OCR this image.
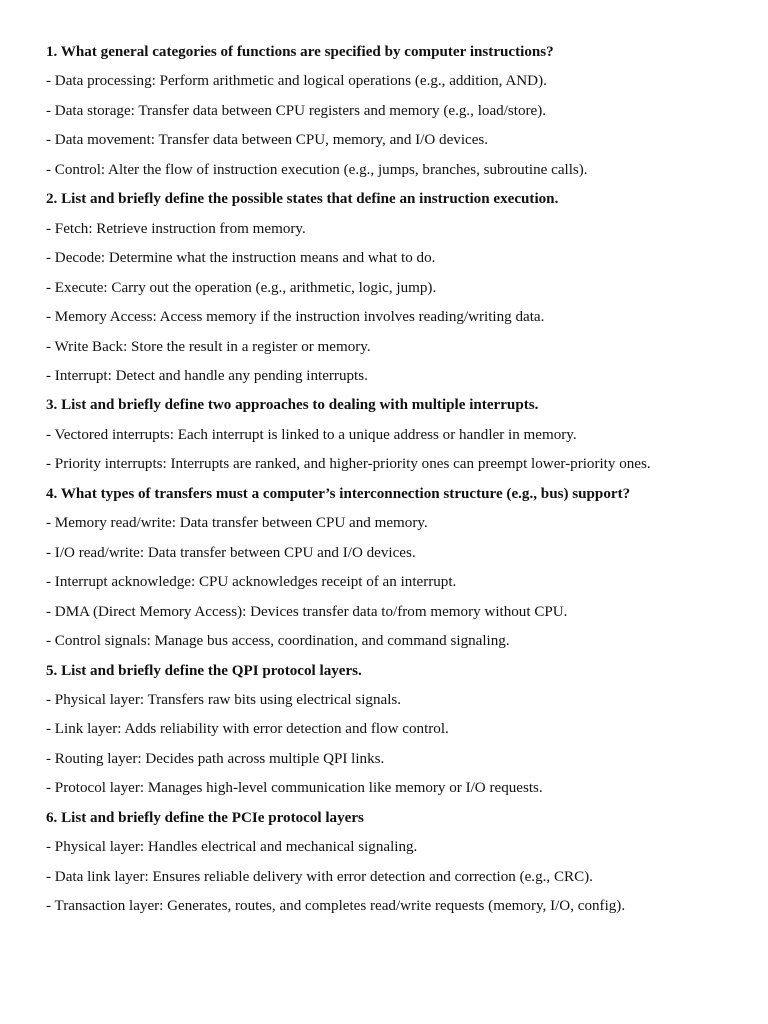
1. What general categories of functions are specified by computer instructions?
- Data processing: Perform arithmetic and logical operations (e.g., addition, AND).
- Data storage: Transfer data between CPU registers and memory (e.g., load/store).
- Data movement: Transfer data between CPU, memory, and I/O devices.
- Control: Alter the flow of instruction execution (e.g., jumps, branches, subroutine calls).
2. List and briefly define the possible states that define an instruction execution.
- Fetch: Retrieve instruction from memory.
- Decode: Determine what the instruction means and what to do.
- Execute: Carry out the operation (e.g., arithmetic, logic, jump).
- Memory Access: Access memory if the instruction involves reading/writing data.
- Write Back: Store the result in a register or memory.
- Interrupt: Detect and handle any pending interrupts.
3. List and briefly define two approaches to dealing with multiple interrupts.
- Vectored interrupts: Each interrupt is linked to a unique address or handler in memory.
- Priority interrupts: Interrupts are ranked, and higher-priority ones can preempt lower-priority ones.
4. What types of transfers must a computer’s interconnection structure (e.g., bus) support?
- Memory read/write: Data transfer between CPU and memory.
- I/O read/write: Data transfer between CPU and I/O devices.
- Interrupt acknowledge: CPU acknowledges receipt of an interrupt.
- DMA (Direct Memory Access): Devices transfer data to/from memory without CPU.
- Control signals: Manage bus access, coordination, and command signaling.
5. List and briefly define the QPI protocol layers.
- Physical layer: Transfers raw bits using electrical signals.
- Link layer: Adds reliability with error detection and flow control.
- Routing layer: Decides path across multiple QPI links.
- Protocol layer: Manages high-level communication like memory or I/O requests.
6. List and briefly define the PCIe protocol layers
- Physical layer: Handles electrical and mechanical signaling.
- Data link layer: Ensures reliable delivery with error detection and correction (e.g., CRC).
- Transaction layer: Generates, routes, and completes read/write requests (memory, I/O, config).
